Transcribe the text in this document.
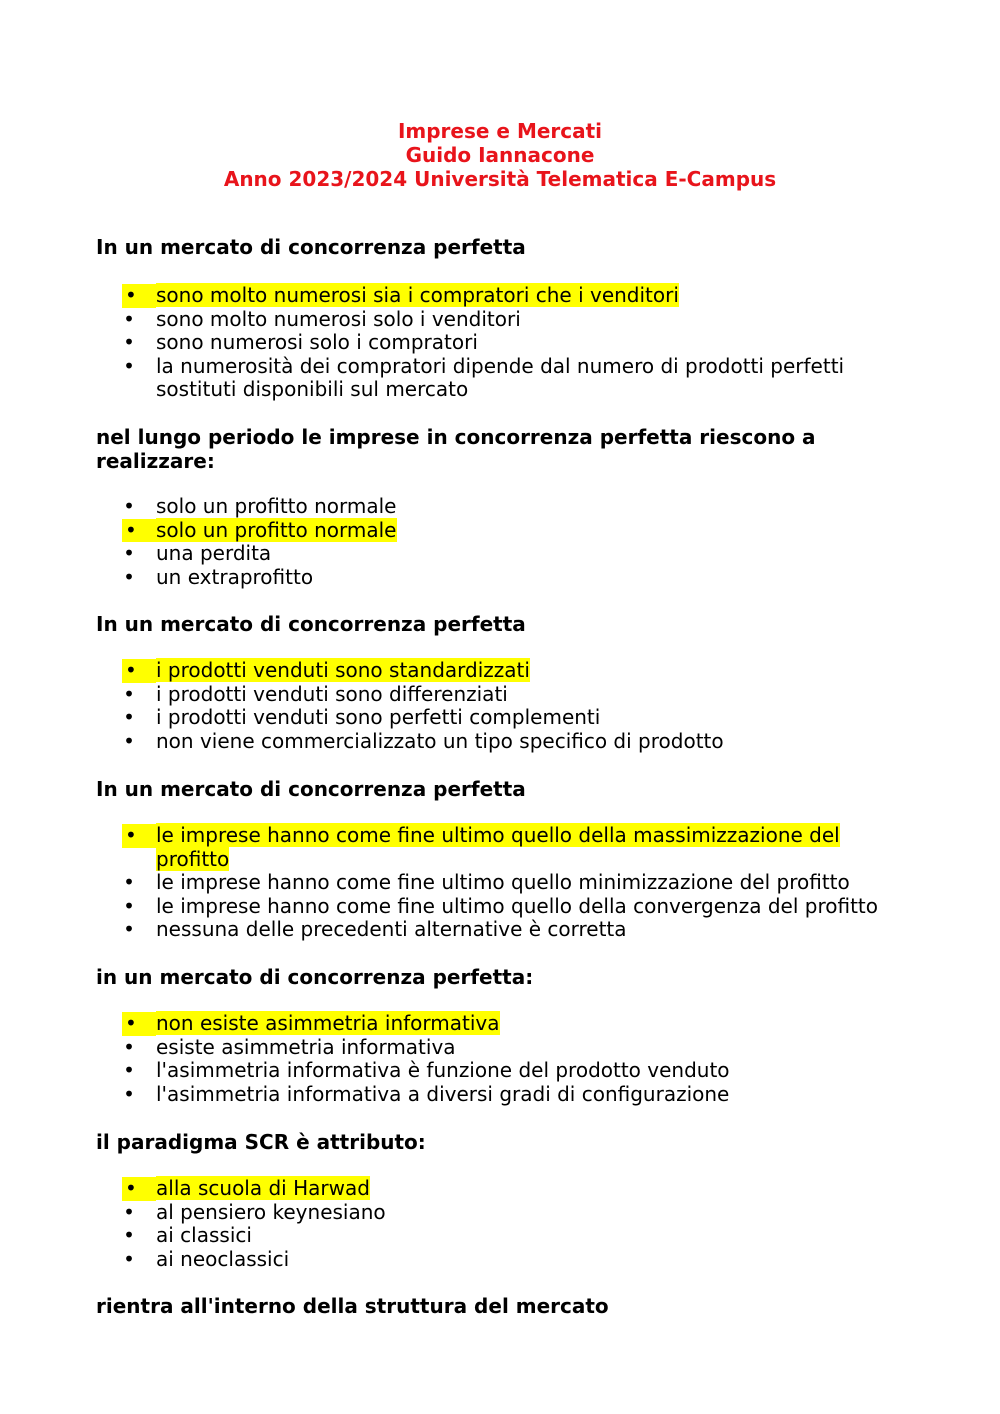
Imprese e Mercati
Guido Iannacone
Anno 2023/2024 Università Telematica E-Campus
In un mercato di concorrenza perfetta
• sono molto numerosi sia i compratori che i venditori
• sono molto numerosi solo i venditori
• sono numerosi solo i compratori
• la numerosità dei compratori dipende dal numero di prodotti perfetti sostituti disponibili sul mercato
nel lungo periodo le imprese in concorrenza perfetta riescono a realizzare:
• solo un profitto normale
• solo un profitto normale
• una perdita
• un extraprofitto
In un mercato di concorrenza perfetta
• i prodotti venduti sono standardizzati
• i prodotti venduti sono differenziati
• i prodotti venduti sono perfetti complementi
• non viene commercializzato un tipo specifico di prodotto
In un mercato di concorrenza perfetta
• le imprese hanno come fine ultimo quello della massimizzazione del profitto
• le imprese hanno come fine ultimo quello minimizzazione del profitto
• le imprese hanno come fine ultimo quello della convergenza del profitto
• nessuna delle precedenti alternative è corretta
in un mercato di concorrenza perfetta:
• non esiste asimmetria informativa
• esiste asimmetria informativa
• l'asimmetria informativa è funzione del prodotto venduto
• l'asimmetria informativa a diversi gradi di configurazione
il paradigma SCR è attributo:
• alla scuola di Harwad
• al pensiero keynesiano
• ai classici
• ai neoclassici
rientra all'interno della struttura del mercato
